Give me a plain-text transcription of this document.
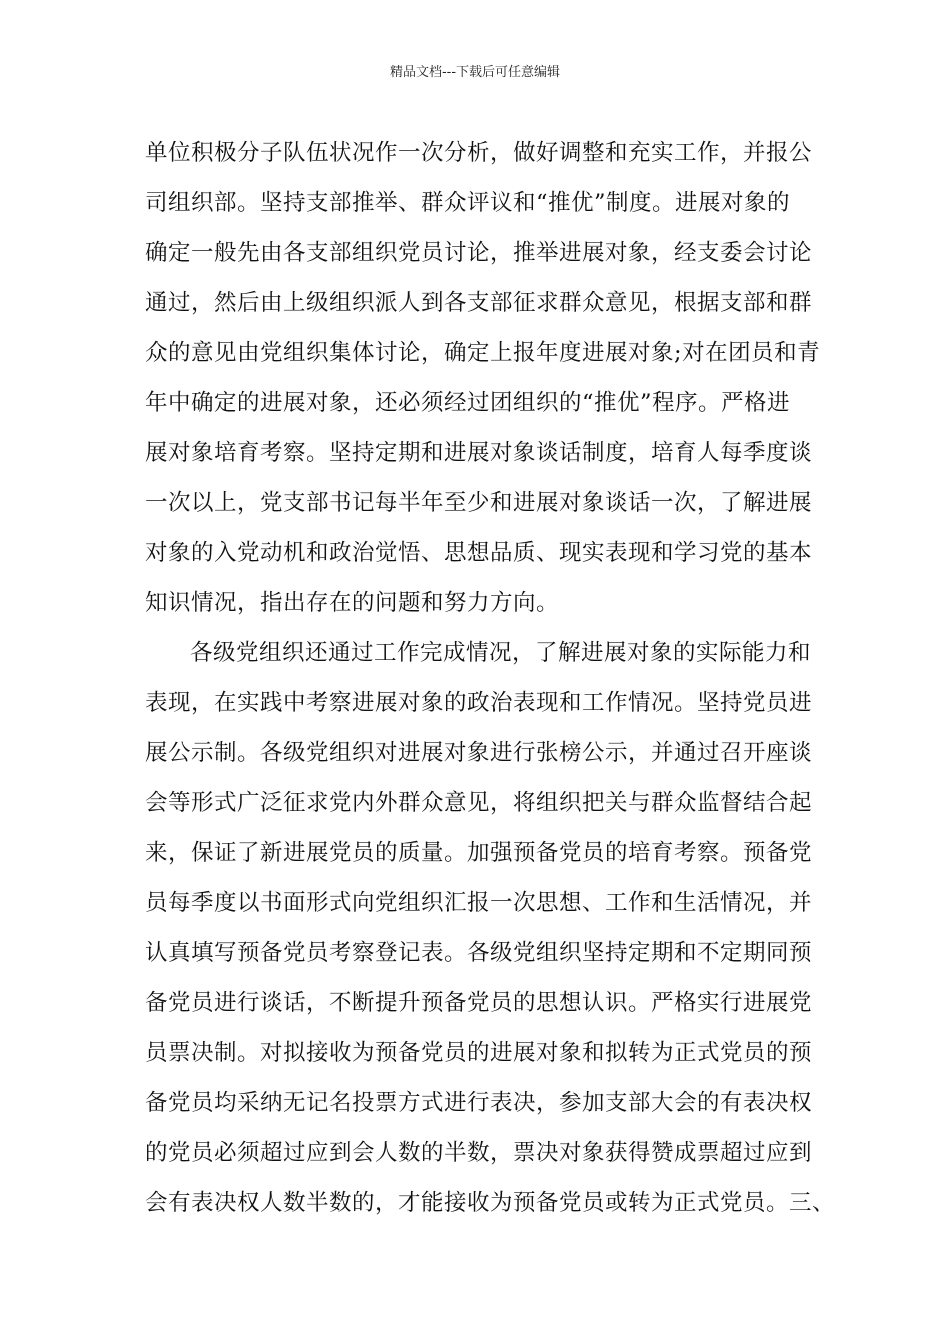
精品文档---下载后可任意编辑
单位积极分子队伍状况作一次分析，做好调整和充实工作，并报公
司组织部。坚持支部推举、群众评议和“推优”制度。进展对象的
确定一般先由各支部组织党员讨论，推举进展对象，经支委会讨论
通过，然后由上级组织派人到各支部征求群众意见，根据支部和群
众的意见由党组织集体讨论，确定上报年度进展对象;对在团员和青
年中确定的进展对象，还必须经过团组织的“推优”程序。严格进
展对象培育考察。坚持定期和进展对象谈话制度，培育人每季度谈
一次以上，党支部书记每半年至少和进展对象谈话一次，了解进展
对象的入党动机和政治觉悟、思想品质、现实表现和学习党的基本
知识情况，指出存在的问题和努力方向。
各级党组织还通过工作完成情况，了解进展对象的实际能力和
表现，在实践中考察进展对象的政治表现和工作情况。坚持党员进
展公示制。各级党组织对进展对象进行张榜公示，并通过召开座谈
会等形式广泛征求党内外群众意见，将组织把关与群众监督结合起
来，保证了新进展党员的质量。加强预备党员的培育考察。预备党
员每季度以书面形式向党组织汇报一次思想、工作和生活情况，并
认真填写预备党员考察登记表。各级党组织坚持定期和不定期同预
备党员进行谈话，不断提升预备党员的思想认识。严格实行进展党
员票决制。对拟接收为预备党员的进展对象和拟转为正式党员的预
备党员均采纳无记名投票方式进行表决，参加支部大会的有表决权
的党员必须超过应到会人数的半数，票决对象获得赞成票超过应到
会有表决权人数半数的，才能接收为预备党员或转为正式党员。三、
